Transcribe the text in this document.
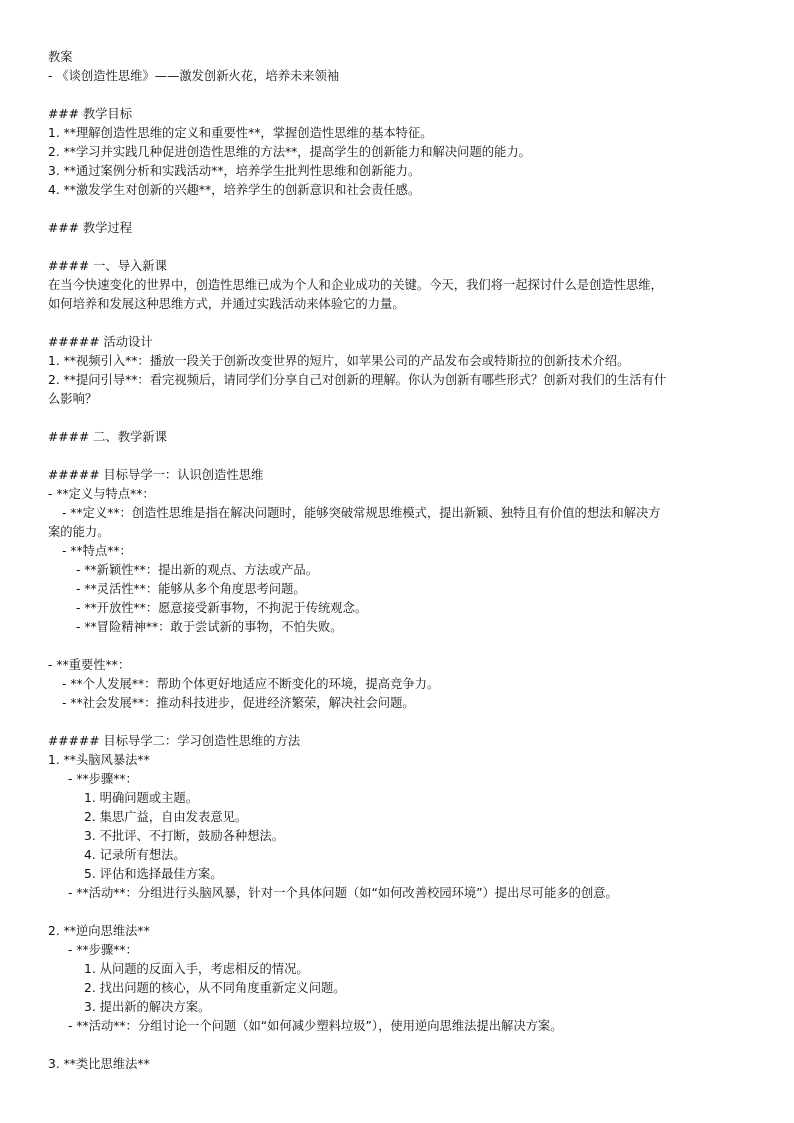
教案
- 《谈创造性思维》——激发创新火花，培养未来领袖
### 教学目标
1. **理解创造性思维的定义和重要性**，掌握创造性思维的基本特征。
2. **学习并实践几种促进创造性思维的方法**，提高学生的创新能力和解决问题的能力。
3. **通过案例分析和实践活动**，培养学生批判性思维和创新能力。
4. **激发学生对创新的兴趣**，培养学生的创新意识和社会责任感。
### 教学过程
#### 一、导入新课
在当今快速变化的世界中，创造性思维已成为个人和企业成功的关键。今天，我们将一起探讨什么是创造性思维，
如何培养和发展这种思维方式，并通过实践活动来体验它的力量。
##### 活动设计
1. **视频引入**：播放一段关于创新改变世界的短片，如苹果公司的产品发布会或特斯拉的创新技术介绍。
2. **提问引导**：看完视频后，请同学们分享自己对创新的理解。你认为创新有哪些形式？创新对我们的生活有什
么影响？
#### 二、教学新课
##### 目标导学一：认识创造性思维
- **定义与特点**：
- **定义**：创造性思维是指在解决问题时，能够突破常规思维模式，提出新颖、独特且有价值的想法和解决方
案的能力。
- **特点**：
- **新颖性**：提出新的观点、方法或产品。
- **灵活性**：能够从多个角度思考问题。
- **开放性**：愿意接受新事物，不拘泥于传统观念。
- **冒险精神**：敢于尝试新的事物，不怕失败。
- **重要性**：
- **个人发展**：帮助个体更好地适应不断变化的环境，提高竞争力。
- **社会发展**：推动科技进步，促进经济繁荣，解决社会问题。
##### 目标导学二：学习创造性思维的方法
1. **头脑风暴法**
- **步骤**：
1. 明确问题或主题。
2. 集思广益，自由发表意见。
3. 不批评、不打断，鼓励各种想法。
4. 记录所有想法。
5. 评估和选择最佳方案。
- **活动**：分组进行头脑风暴，针对一个具体问题（如“如何改善校园环境”）提出尽可能多的创意。
2. **逆向思维法**
- **步骤**：
1. 从问题的反面入手，考虑相反的情况。
2. 找出问题的核心，从不同角度重新定义问题。
3. 提出新的解决方案。
- **活动**：分组讨论一个问题（如“如何减少塑料垃圾”），使用逆向思维法提出解决方案。
3. **类比思维法**
